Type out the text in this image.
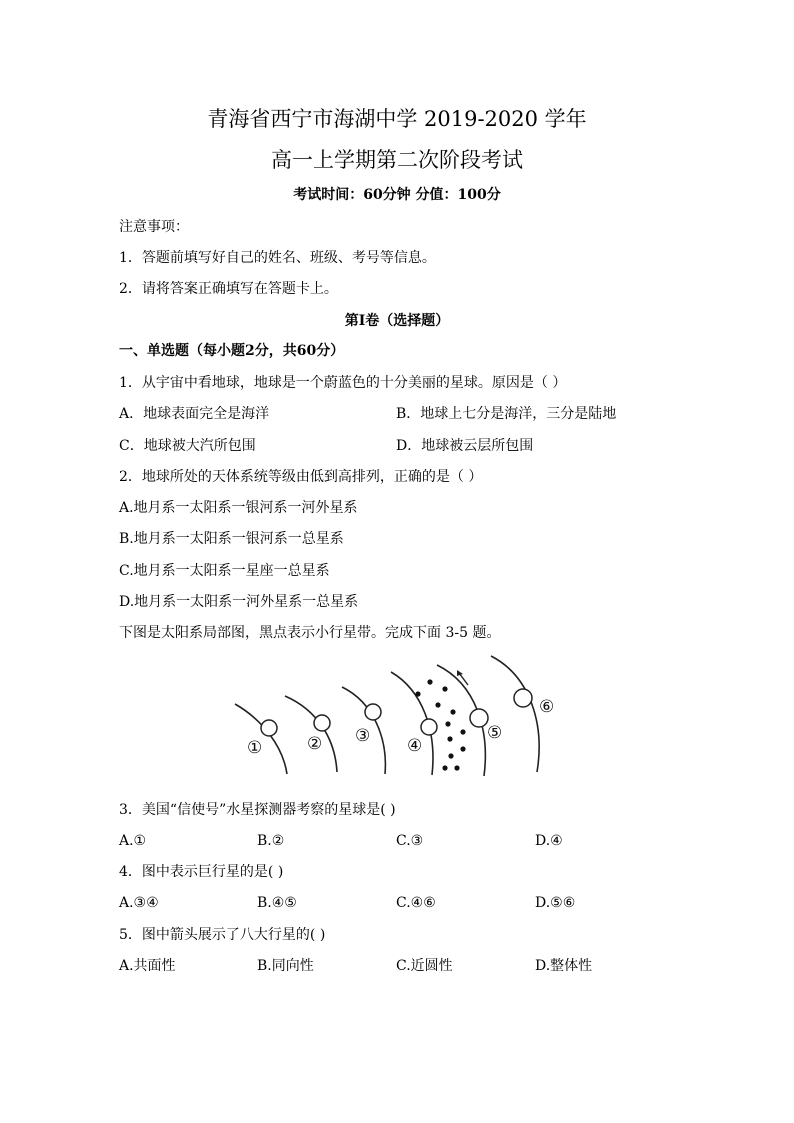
青海省西宁市海湖中学 2019-2020 学年
高一上学期第二次阶段考试
考试时间：60分钟 分值：100分
注意事项：
1．答题前填写好自己的姓名、班级、考号等信息。
2．请将答案正确填写在答题卡上。
第I卷（选择题）
一、单选题（每小题2分，共60分）
1．从宇宙中看地球，地球是一个蔚蓝色的十分美丽的星球。原因是（ ）
A．地球表面完全是海洋	B．地球上七分是海洋，三分是陆地
C．地球被大汽所包围	D．地球被云层所包围
2．地球所处的天体系统等级由低到高排列，正确的是（ ）
A.地月系一太阳系一银河系一河外星系
B.地月系一太阳系一银河系一总星系
C.地月系一太阳系一星座一总星系
D.地月系一太阳系一河外星系一总星系
下图是太阳系局部图，黑点表示小行星带。完成下面 3-5 题。
①	② ③ ④
⑤
⑥
3．美国“信使号”水星探测器考察的星球是( )
A.①	B.②	C.③	D.④
4．图中表示巨行星的是( )
A.③④	B.④⑤	C.④⑥	D.⑤⑥
5．图中箭头展示了八大行星的( )
A.共面性	B.同向性	C.近圆性	D.整体性
